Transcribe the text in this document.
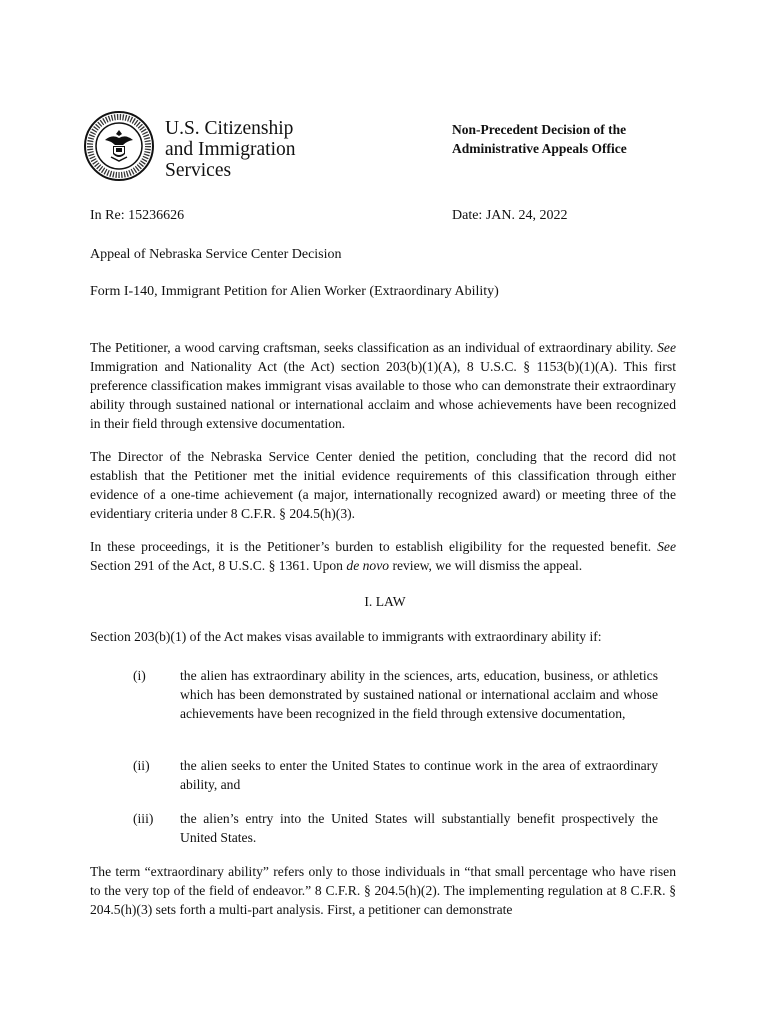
U.S. Citizenship
and Immigration
Services
Non-Precedent Decision of the
Administrative Appeals Office
In Re: 15236626	Date: JAN. 24, 2022
Appeal of Nebraska Service Center Decision
Form I-140, Immigrant Petition for Alien Worker (Extraordinary Ability)

The Petitioner, a wood carving craftsman, seeks classification as an individual of extraordinary ability. See Immigration and Nationality Act (the Act) section 203(b)(1)(A), 8 U.S.C. § 1153(b)(1)(A). This first preference classification makes immigrant visas available to those who can demonstrate their extraordinary ability through sustained national or international acclaim and whose achievements have been recognized in their field through extensive documentation.

The Director of the Nebraska Service Center denied the petition, concluding that the record did not establish that the Petitioner met the initial evidence requirements of this classification through either evidence of a one-time achievement (a major, internationally recognized award) or meeting three of the evidentiary criteria under 8 C.F.R. § 204.5(h)(3).

In these proceedings, it is the Petitioner’s burden to establish eligibility for the requested benefit. See Section 291 of the Act, 8 U.S.C. § 1361. Upon de novo review, we will dismiss the appeal.

I. LAW

Section 203(b)(1) of the Act makes visas available to immigrants with extraordinary ability if:

(i)	the alien has extraordinary ability in the sciences, arts, education, business, or athletics which has been demonstrated by sustained national or international acclaim and whose achievements have been recognized in the field through extensive documentation,
(ii) the alien seeks to enter the United States to continue work in the area of extraordinary ability, and
(iii) the alien’s entry into the United States will substantially benefit prospectively the United States.

The term “extraordinary ability” refers only to those individuals in “that small percentage who have risen to the very top of the field of endeavor.” 8 C.F.R. § 204.5(h)(2). The implementing regulation at 8 C.F.R. § 204.5(h)(3) sets forth a multi-part analysis. First, a petitioner can demonstrate
